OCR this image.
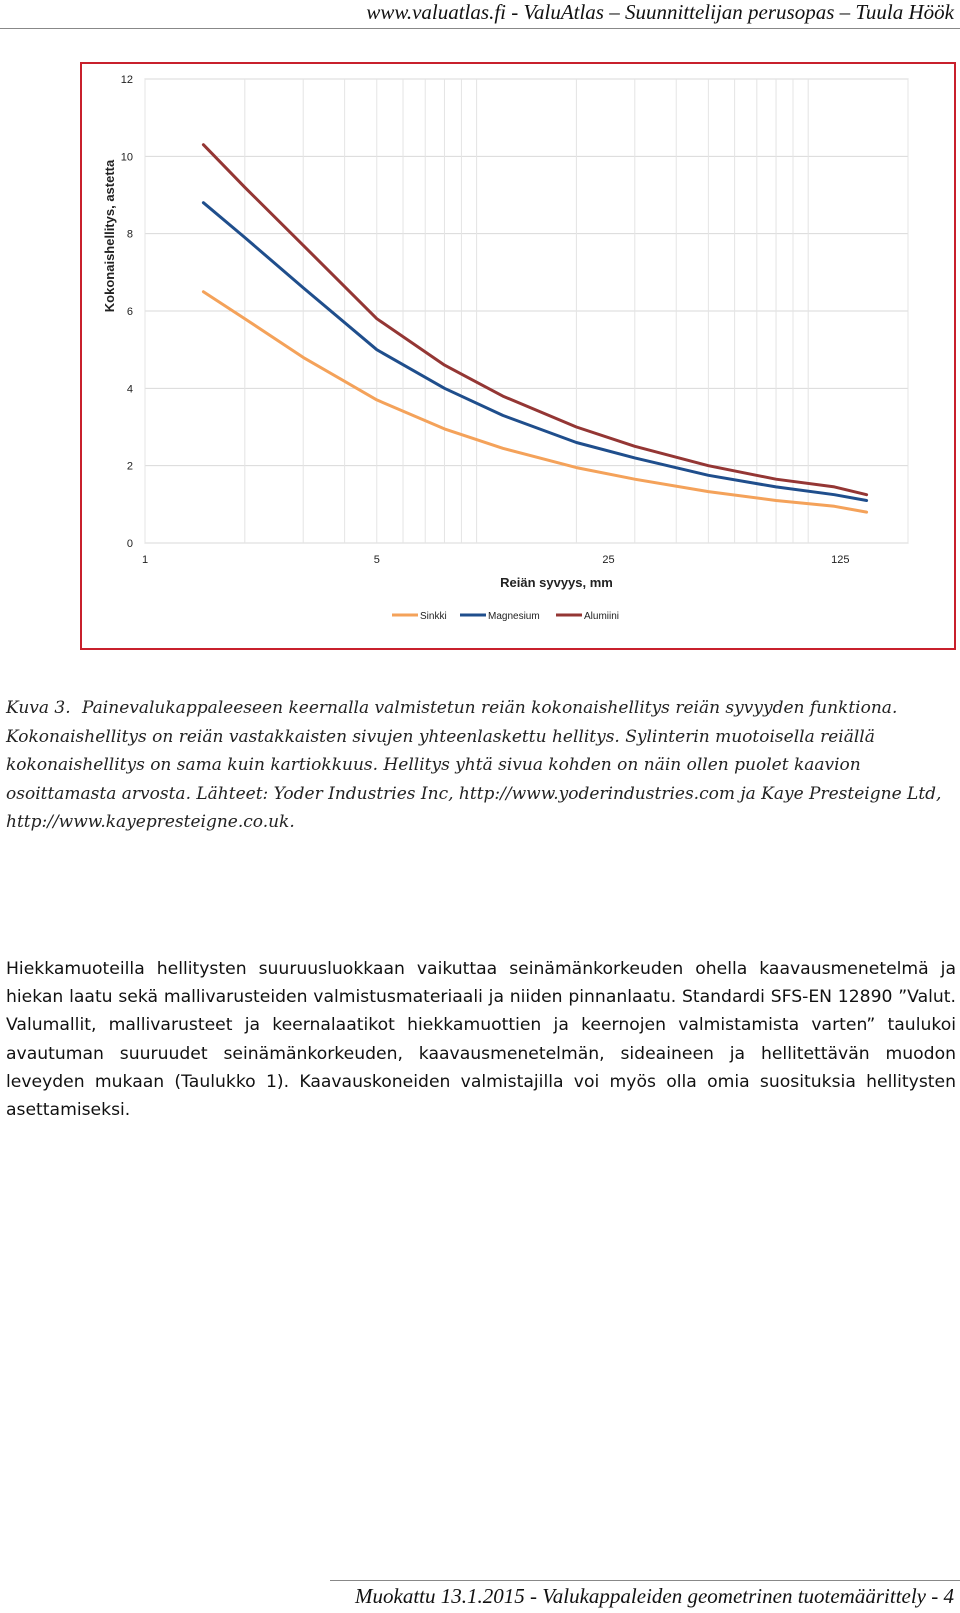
www.valuatlas.fi - ValuAtlas – Suunnittelijan perusopas – Tuula Höök
0
2
4
6
8
10
12
1	5	25	125
Reiän syvyys, mm
Kokonaishellitys, astetta
Sinkki	Magnesium	Alumiini
Kuva 3. Painevalukappaleeseen keernalla valmistetun reiän kokonaishellitys reiän syvyyden funktiona. Kokonaishellitys on reiän vastakkaisten sivujen yhteenlaskettu hellitys. Sylinterin muotoisella reiällä kokonaishellitys on sama kuin kartiokkuus. Hellitys yhtä sivua kohden on näin ollen puolet kaavion osoittamasta arvosta. Lähteet: Yoder Industries Inc, http://www.yoderindustries.com ja Kaye Presteigne Ltd, http://www.kayepresteigne.co.uk.
Hiekkamuoteilla hellitysten suuruusluokkaan vaikuttaa seinämänkorkeuden ohella kaavausmenetelmä ja hiekan laatu sekä mallivarusteiden valmistusmateriaali ja niiden pinnanlaatu. Standardi SFS-EN 12890 ”Valut. Valumallit, mallivarusteet ja keernalaatikot hiekkamuottien ja keernojen valmistamista varten” taulukoi avautuman suuruudet seinämänkorkeuden, kaavausmenetelmän, sideaineen ja hellitettävän muodon leveyden mukaan (Taulukko 1). Kaavauskoneiden valmistajilla voi myös olla omia suosituksia hellitysten asettamiseksi.
Muokattu 13.1.2015 - Valukappaleiden geometrinen tuotemäärittely - 4
